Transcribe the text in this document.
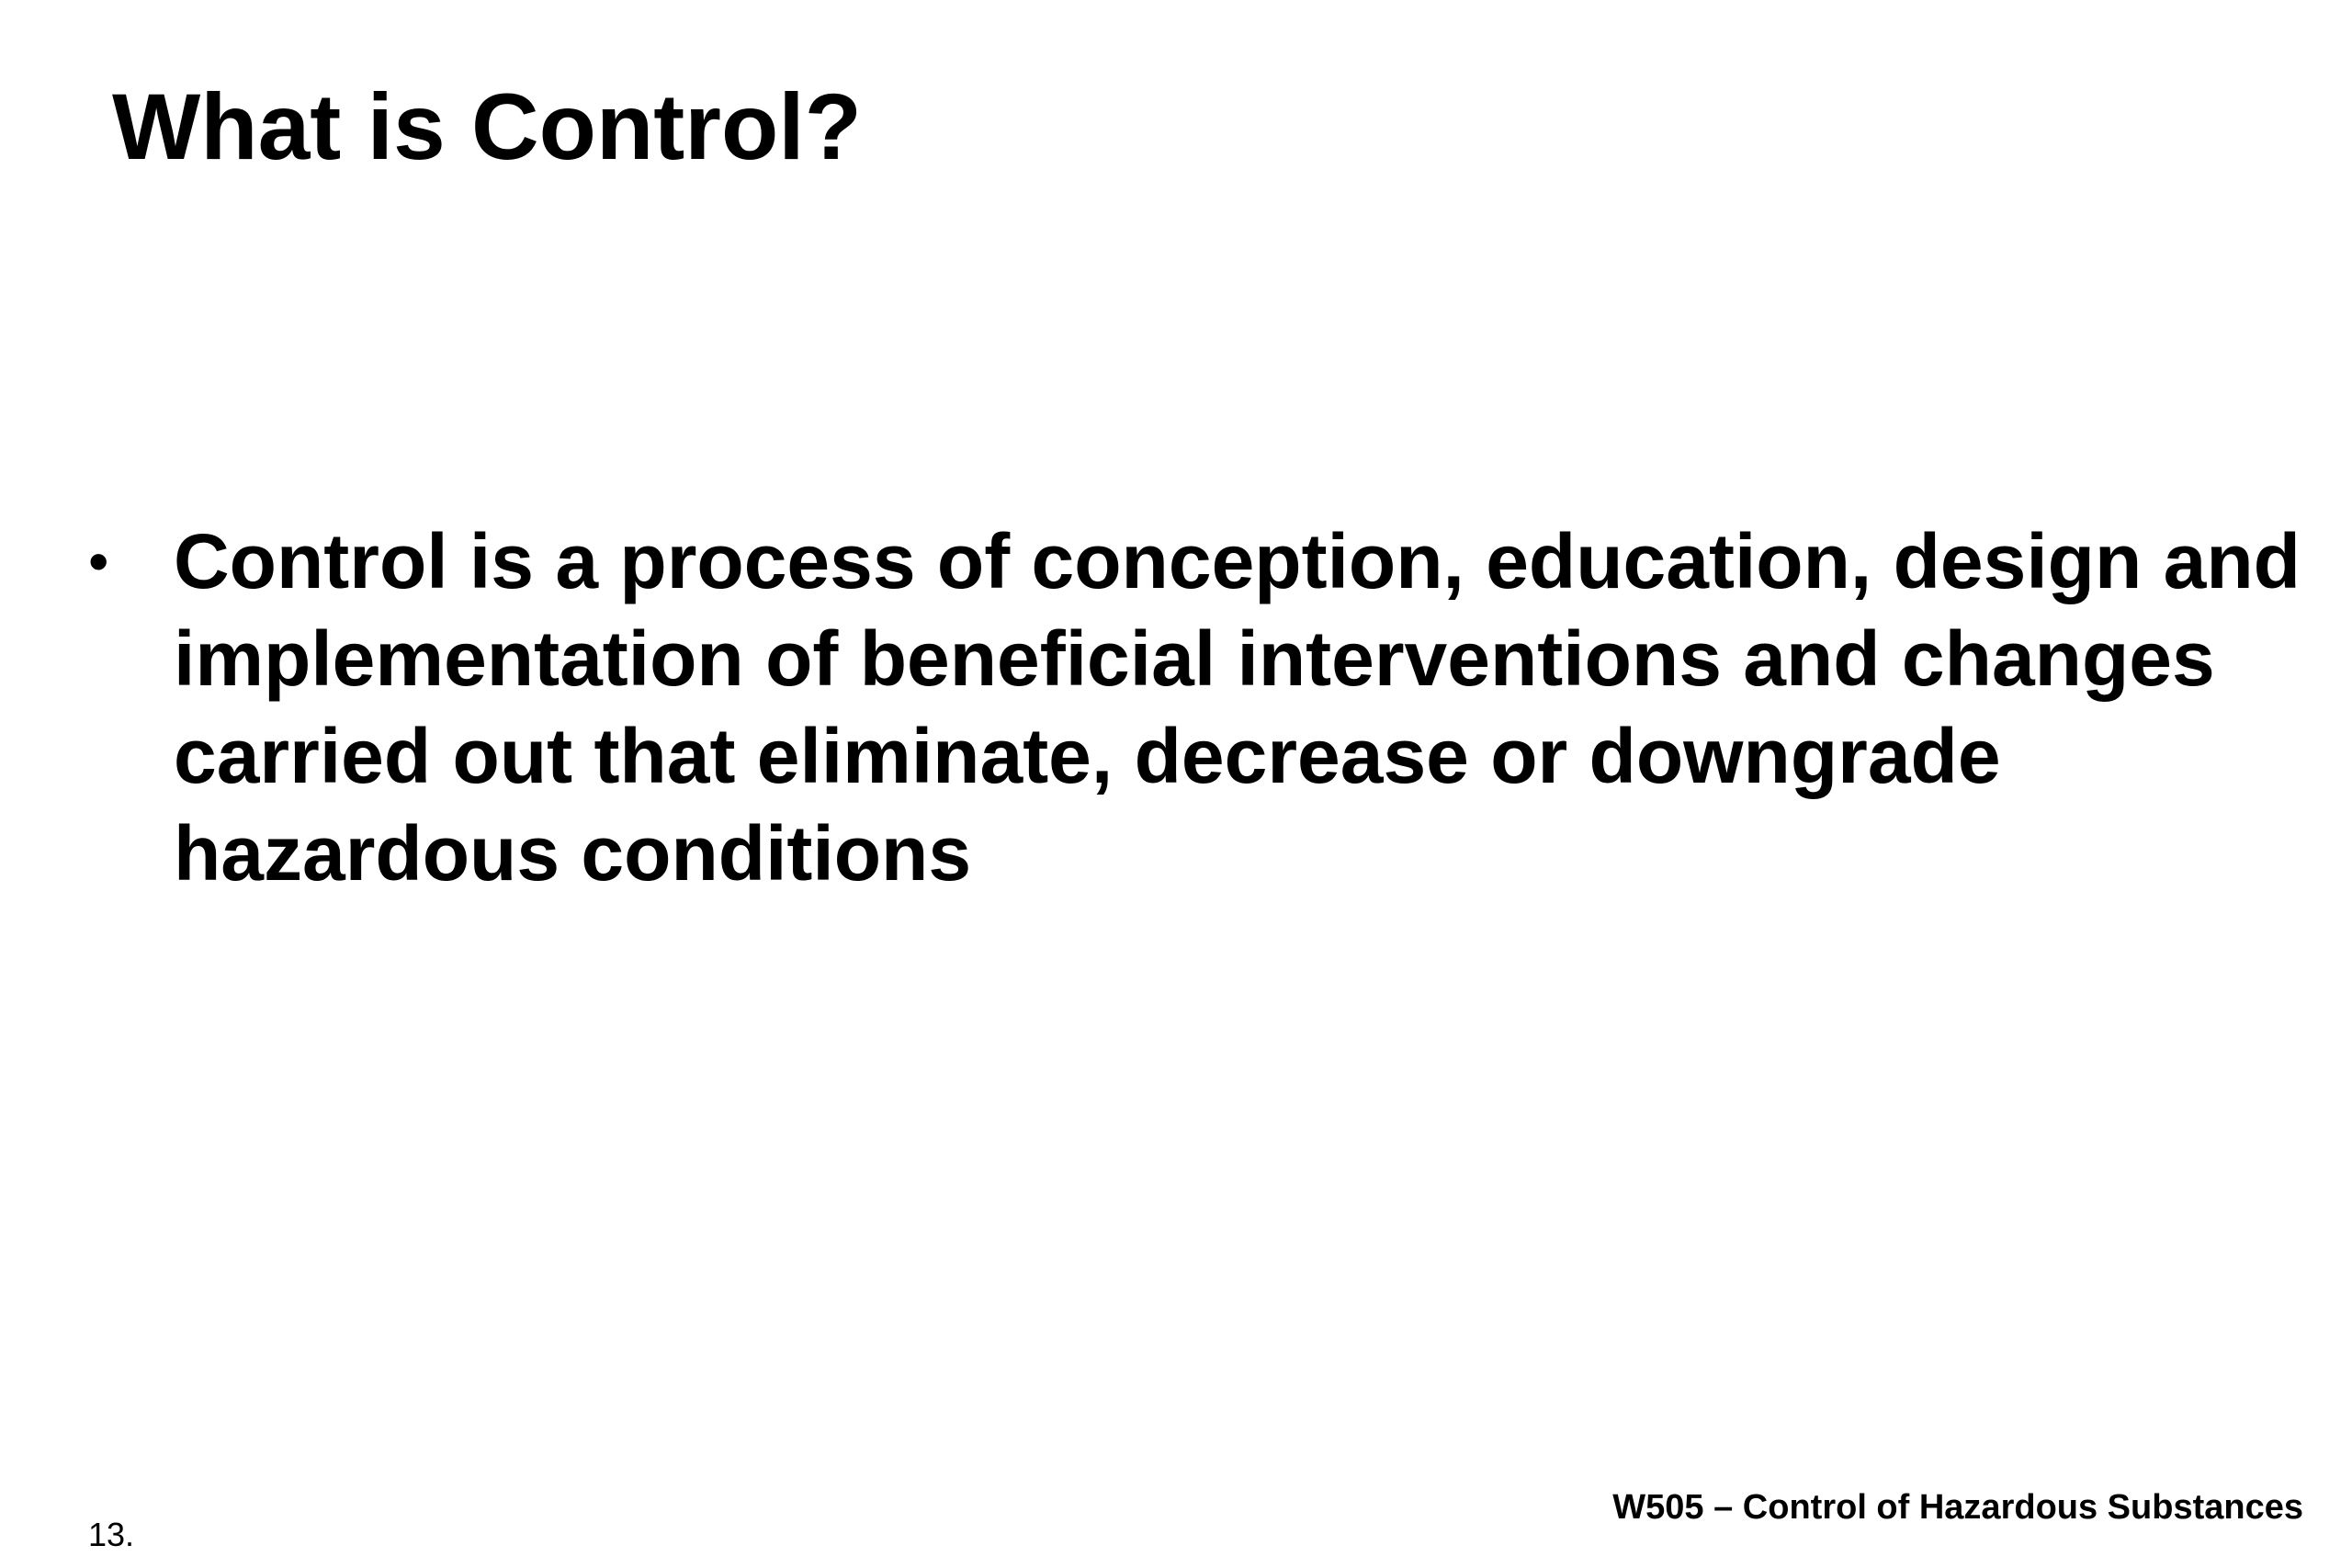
What is Control?
• Control is a process of conception, education, design and implementation of beneficial interventions and changes carried out that eliminate, decrease or downgrade hazardous conditions
W505 – Control of Hazardous Substances
13.
